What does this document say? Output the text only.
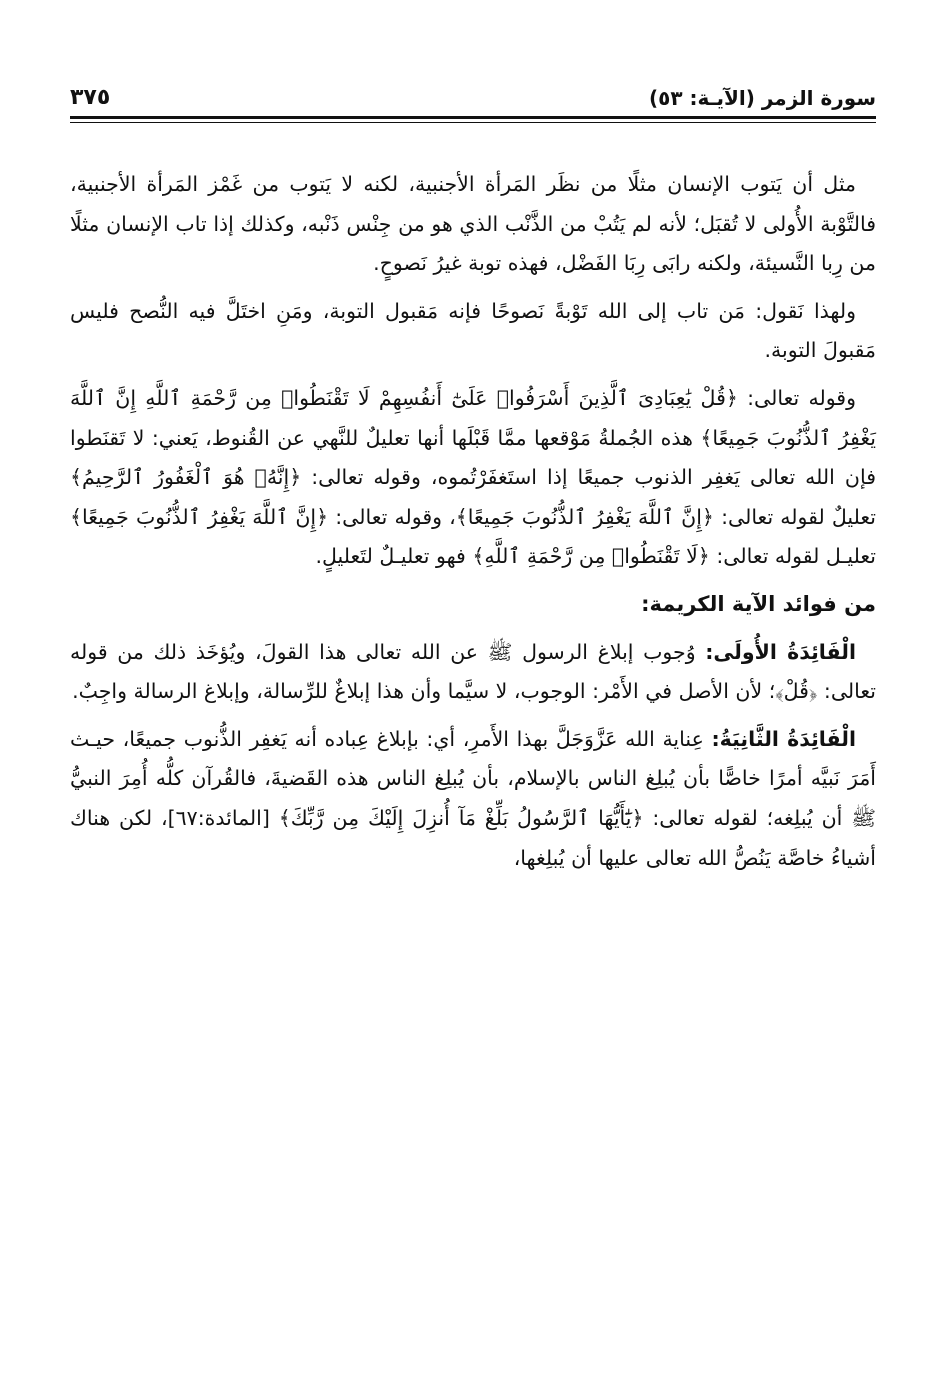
سورة الزمر (الآيـة: ٥٣)
٣٧٥

مثل أن يَتوب الإنسان مثلًا من نظَر المَرأة الأجنبية، لكنه لا يَتوب من غَمْز المَرأة الأجنبية، فالتَّوْبة الأُولى لا تُقبَل؛ لأنه لم يَتُبْ من الذَّنْب الذي هو من جِنْس ذَنْبه، وكذلك إذا تاب الإنسان مثلًا من رِبا النَّسيئة، ولكنه رابَى رِبَا الفَضْل، فهذه توبة غيرُ نَصوحٍ.

ولهذا نَقول: مَن تاب إلى الله تَوْبةً نَصوحًا فإنه مَقبول التوبة، ومَنِ اختَلَّ فيه النُّصح فليس مَقبولَ التوبة.

وقوله تعالى: ﴿قُلْ يَٰعِبَادِىَ ٱلَّذِينَ أَسْرَفُوا۟ عَلَىٰٓ أَنفُسِهِمْ لَا تَقْنَطُوا۟ مِن رَّحْمَةِ ٱللَّهِ إِنَّ ٱللَّهَ يَغْفِرُ ٱلذُّنُوبَ جَمِيعًا﴾ هذه الجُملةُ مَوْقعها ممَّا قَبْلَها أنها تعليلٌ للنَّهي عن القُنوط، يَعني: لا تَقنَطوا فإن الله تعالى يَغفِر الذنوب جميعًا إذا استَغفَرْتُموه، وقوله تعالى: ﴿إِنَّهُۥ هُوَ ٱلْغَفُورُ ٱلرَّحِيمُ﴾ تعليلٌ لقوله تعالى: ﴿إِنَّ ٱللَّهَ يَغْفِرُ ٱلذُّنُوبَ جَمِيعًا﴾، وقوله تعالى: ﴿إِنَّ ٱللَّهَ يَغْفِرُ ٱلذُّنُوبَ جَمِيعًا﴾ تعليـل لقوله تعالى: ﴿لَا تَقْنَطُوا۟ مِن رَّحْمَةِ ٱللَّهِ﴾ فهو تعليـلٌ لتَعليلٍ.

من فوائد الآية الكريمة:

الْفَائِدَةُ الأُولَى: وُجوب إبلاغ الرسول ﷺ عن الله تعالى هذا القولَ، ويُؤخَذ ذلك من قوله تعالى: ﴿قُلْ﴾؛ لأن الأصل في الأَمْر: الوجوب، لا سيَّما وأن هذا إبلاغٌ للرِّسالة، وإبلاغ الرسالة واجِبٌ.

الْفَائِدَةُ الثَّانِيَةُ: عِناية الله عَزَّوَجَلَّ بهذا الأَمرِ، أي: بإبلاغ عِباده أنه يَغفِر الذُّنوب جميعًا، حيـث أَمَرَ نَبيَّه أمرًا خاصًّا بأن يُبلِغ الناس بالإسلام، بأن يُبلِغ الناس هذه القَضيةَ، فالقُرآن كلُّه أُمِرَ النبيُّ ﷺ أن يُبلِغه؛ لقوله تعالى: ﴿يَٰٓأَيُّهَا ٱلرَّسُولُ بَلِّغْ مَآ أُنزِلَ إِلَيْكَ مِن رَّبِّكَ﴾ [المائدة:٦٧]، لكن هناك أشياءُ خاصَّة يَنُصُّ الله تعالى عليها أن يُبلِغها،
